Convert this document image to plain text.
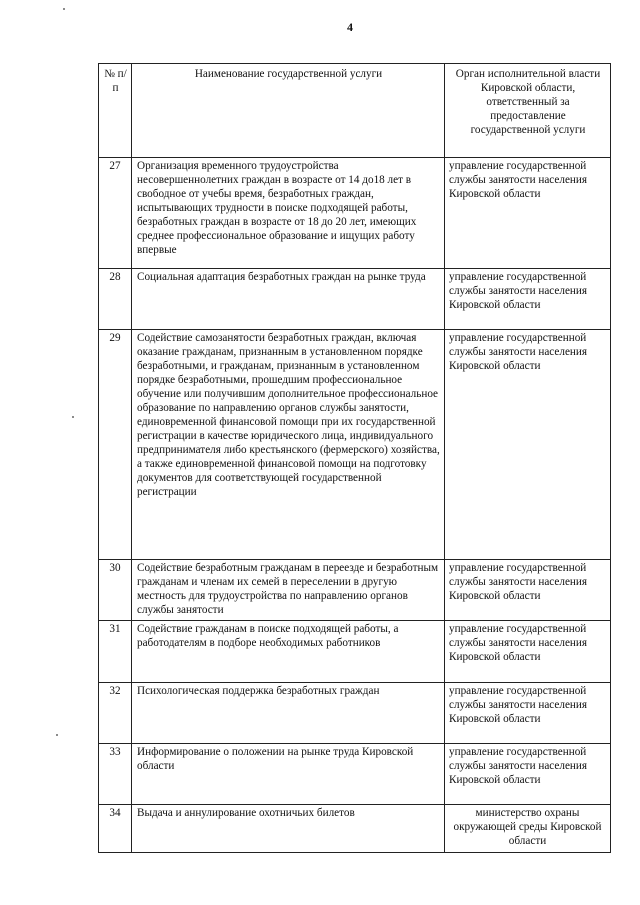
4
№ п/п	Наименование государственной услуги	Орган исполнительной власти Кировской области, ответственный за предоставление государственной услуги
27	Организация временного трудоустройства несовершеннолетних граждан в возрасте от 14 до18 лет в свободное от учебы время, безработных граждан, испытывающих трудности в поиске подходящей работы, безработных граждан в возрасте от 18 до 20 лет, имеющих среднее профессиональное образование и ищущих работу впервые	управление государственной службы занятости населения Кировской области
28	Социальная адаптация безработных граждан на рынке труда	управление государственной службы занятости населения Кировской области
29	Содействие самозанятости безработных граждан, включая оказание гражданам, признанным в установленном порядке безработными, и гражданам, признанным в установленном порядке безработными, прошедшим профессиональное обучение или получившим дополнительное профессиональное образование по направлению органов службы занятости, единовременной финансовой помощи при их государственной регистрации в качестве юридического лица, индивидуального предпринимателя либо крестьянского (фермерского) хозяйства, а также единовременной финансовой помощи на подготовку документов для соответствующей государственной регистрации	управление государственной службы занятости населения Кировской области
30	Содействие безработным гражданам в переезде и безработным гражданам и членам их семей в переселении в другую местность для трудоустройства по направлению органов службы занятости	управление государственной службы занятости населения Кировской области
31	Содействие гражданам в поиске подходящей работы, а работодателям в подборе необходимых работников	управление государственной службы занятости населения Кировской области
32	Психологическая поддержка безработных граждан	управление государственной службы занятости населения Кировской области
33	Информирование о положении на рынке труда Кировской области	управление государственной службы занятости населения Кировской области
34	Выдача и аннулирование охотничьих билетов	министерство охраны окружающей среды Кировской области
